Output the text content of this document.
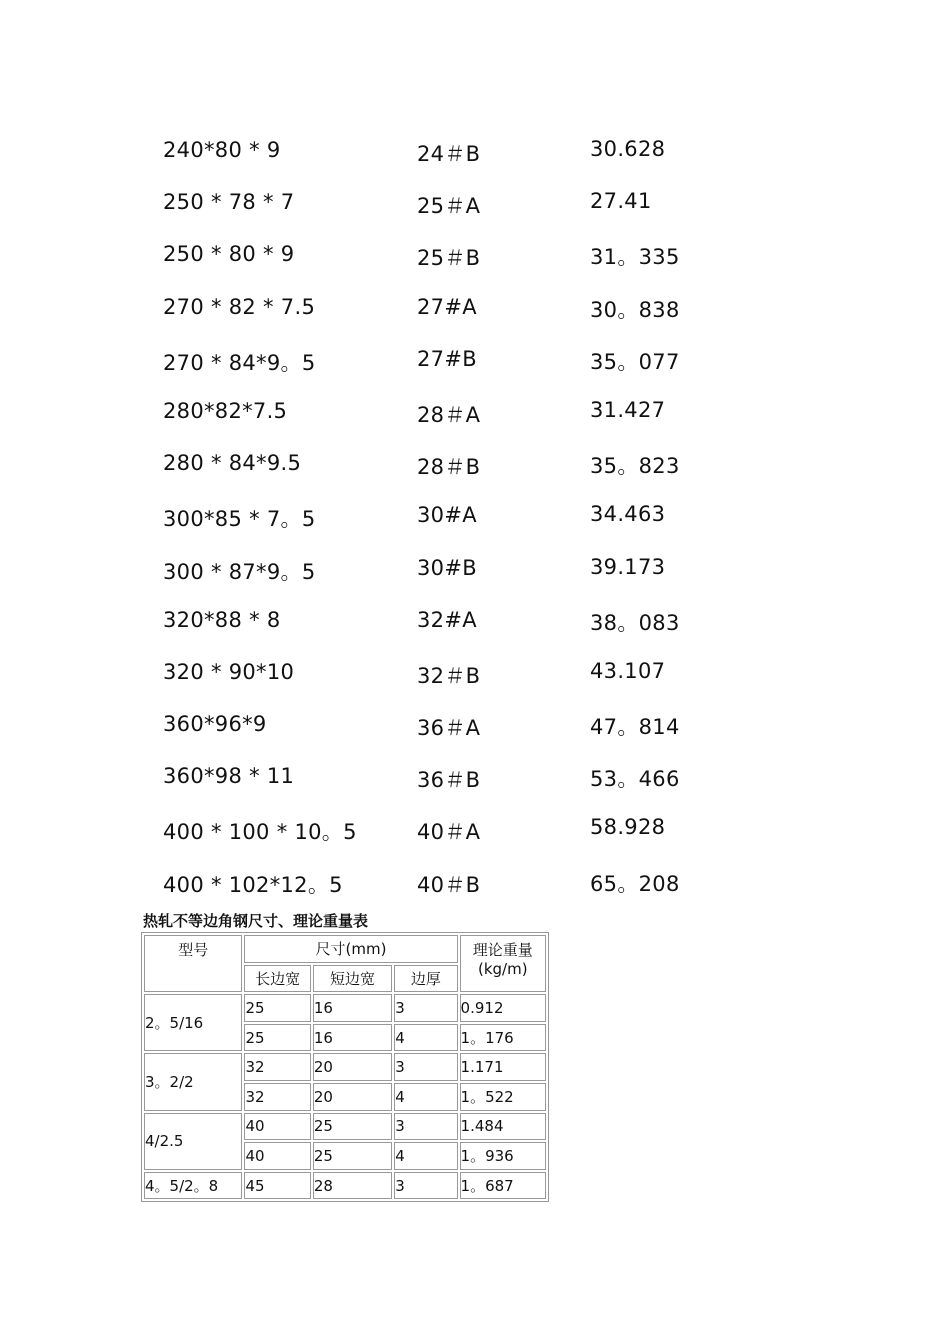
240*80 * 9	24＃B	30.628
250 * 78 * 7	25＃A	27.41
250 * 80 * 9	25＃B	31。335
270 * 82 * 7.5	27#A	30。838
270 * 84*9。5	27#B	35。077
280*82*7.5	28＃A	31.427
280 * 84*9.5	28＃B	35。823
300*85 * 7。5	30#A	34.463
300 * 87*9。5	30#B	39.173
320*88 * 8	32#A	38。083
320 * 90*10	32＃B	43.107
360*96*9	36＃A	47。814
360*98 * 11	36＃B	53。466
400 * 100 * 10。5	40＃A	58.928
400 * 102*12。5	40＃B	65。208
热轧不等边角钢尺寸、理论重量表
型号	尺寸(mm)			理论重量
(kg/m)
	长边宽	短边宽	边厚	
2。5/16	25	16	3	0.912
	25	16	4	1。176
3。2/2	32	20	3	1.171
	32	20	4	1。522
4/2.5	40	25	3	1.484
	40	25	4	1。936
4。5/2。8	45	28	3	1。687
